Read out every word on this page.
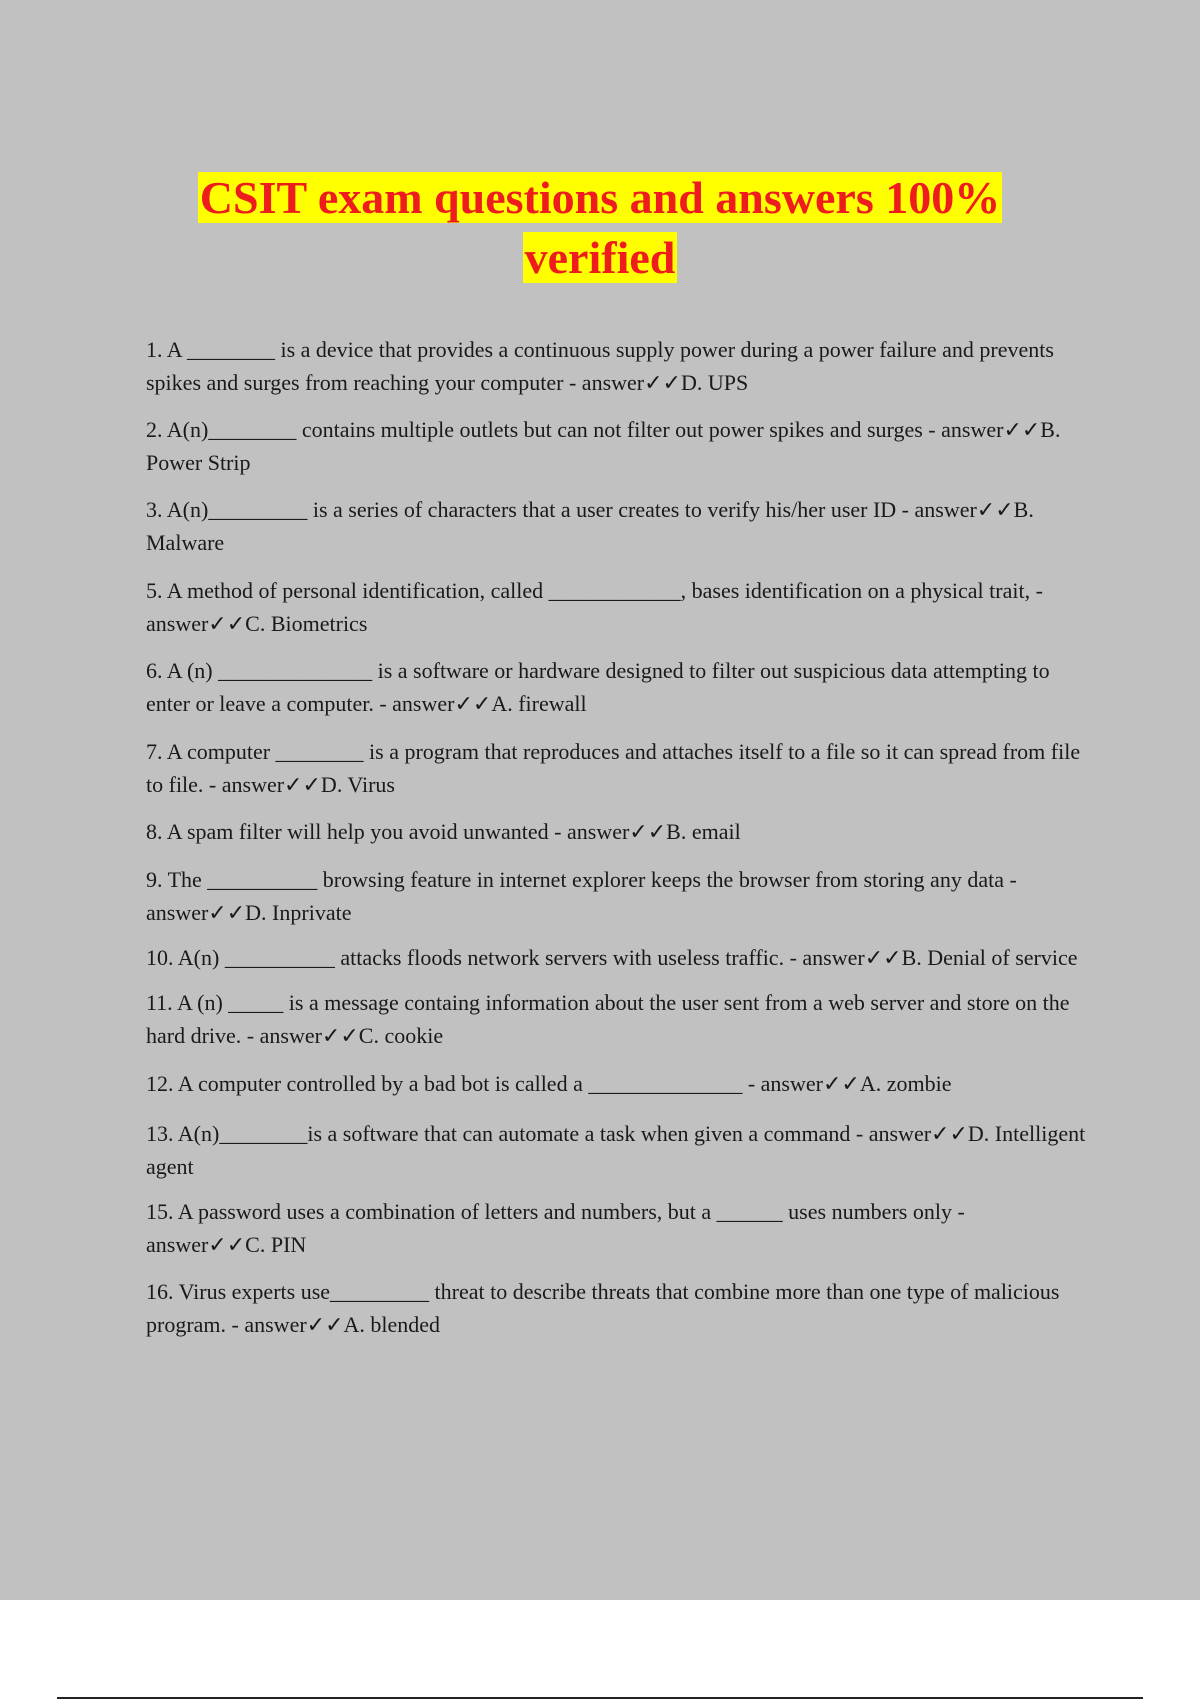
CSIT exam questions and answers 100%
verified
1. A ________ is a device that provides a continuous supply power during a power failure and prevents spikes and surges from reaching your computer - answer✓✓D. UPS
2. A(n)________ contains multiple outlets but can not filter out power spikes and surges - answer✓✓B. Power Strip
3. A(n)_________ is a series of characters that a user creates to verify his/her user ID - answer✓✓B. Malware
5. A method of personal identification, called ____________, bases identification on a physical trait, - answer✓✓C. Biometrics
6. A (n) ______________ is a software or hardware designed to filter out suspicious data attempting to enter or leave a computer. - answer✓✓A. firewall
7. A computer ________ is a program that reproduces and attaches itself to a file so it can spread from file to file. - answer✓✓D. Virus
8. A spam filter will help you avoid unwanted - answer✓✓B. email
9. The __________ browsing feature in internet explorer keeps the browser from storing any data - answer✓✓D. Inprivate
10. A(n) __________ attacks floods network servers with useless traffic. - answer✓✓B. Denial of service
11. A (n) _____ is a message containg information about the user sent from a web server and store on the hard drive. - answer✓✓C. cookie
12. A computer controlled by a bad bot is called a ______________ - answer✓✓A. zombie
13. A(n)________is a software that can automate a task when given a command - answer✓✓D. Intelligent agent
15. A password uses a combination of letters and numbers, but a ______ uses numbers only - answer✓✓C. PIN
16. Virus experts use_________ threat to describe threats that combine more than one type of malicious program. - answer✓✓A. blended
